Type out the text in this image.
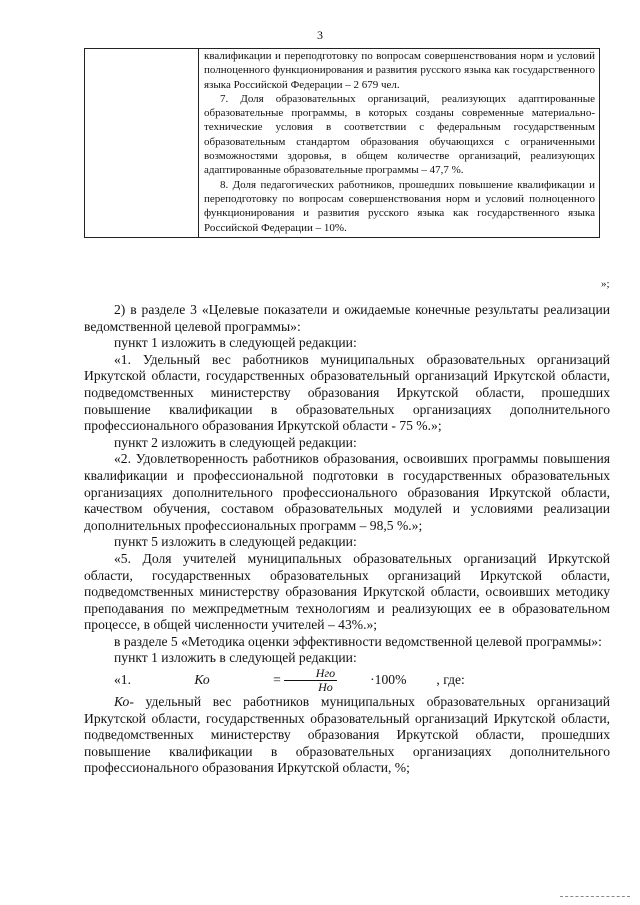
3

квалификации и переподготовку по вопросам совершенствования норм и условий полноценного функционирования и развития русского языка как государственного языка Российской Федерации – 2 679 чел.

7. Доля образовательных организаций, реализующих адаптированные образовательные программы, в которых созданы современные материально-технические условия в соответствии с федеральным государственным образовательным стандартом образования обучающихся с ограниченными возможностями здоровья, в общем количестве организаций, реализующих адаптированные образовательные программы – 47,7 %.

8. Доля педагогических работников, прошедших повышение квалификации и переподготовку по вопросам совершенствования норм и условий полноценного функционирования и развития русского языка как государственного языка Российской Федерации – 10%.

»;

2) в разделе 3 «Целевые показатели и ожидаемые конечные результаты реализации ведомственной целевой программы»:

пункт 1 изложить в следующей редакции:

«1. Удельный вес работников муниципальных образовательных организаций Иркутской области, государственных образовательный организаций Иркутской области, подведомственных министерству образования Иркутской области, прошедших повышение квалификации в образовательных организациях дополнительного профессионального образования Иркутской области - 75 %.»;

пункт 2 изложить в следующей редакции:

«2. Удовлетворенность работников образования, освоивших программы повышения квалификации и профессиональной подготовки в государственных образовательных организациях дополнительного профессионального образования Иркутской области, качеством обучения, составом образовательных модулей и условиями реализации дополнительных профессиональных программ – 98,5 %.»;

пункт 5 изложить в следующей редакции:

«5. Доля учителей муниципальных образовательных организаций Иркутской области, государственных образовательных организаций Иркутской области, подведомственных министерству образования Иркутской области, освоивших методику преподавания по межпредметным технологиям и реализующих ее в образовательном процессе, в общей численности учителей – 43%.»;

в разделе 5 «Методика оценки эффективности ведомственной целевой программы»:

пункт 1 изложить в следующей редакции:

«1.
	Ко
	= $\frac{\text{Нго}}{Но}$	·100%	, где:

Ко- удельный вес работников муниципальных образовательных организаций Иркутской области, государственных образовательный организаций Иркутской области, подведомственных министерству образования Иркутской области, прошедших повышение квалификации в образовательных организациях дополнительного профессионального образования Иркутской области, %;
